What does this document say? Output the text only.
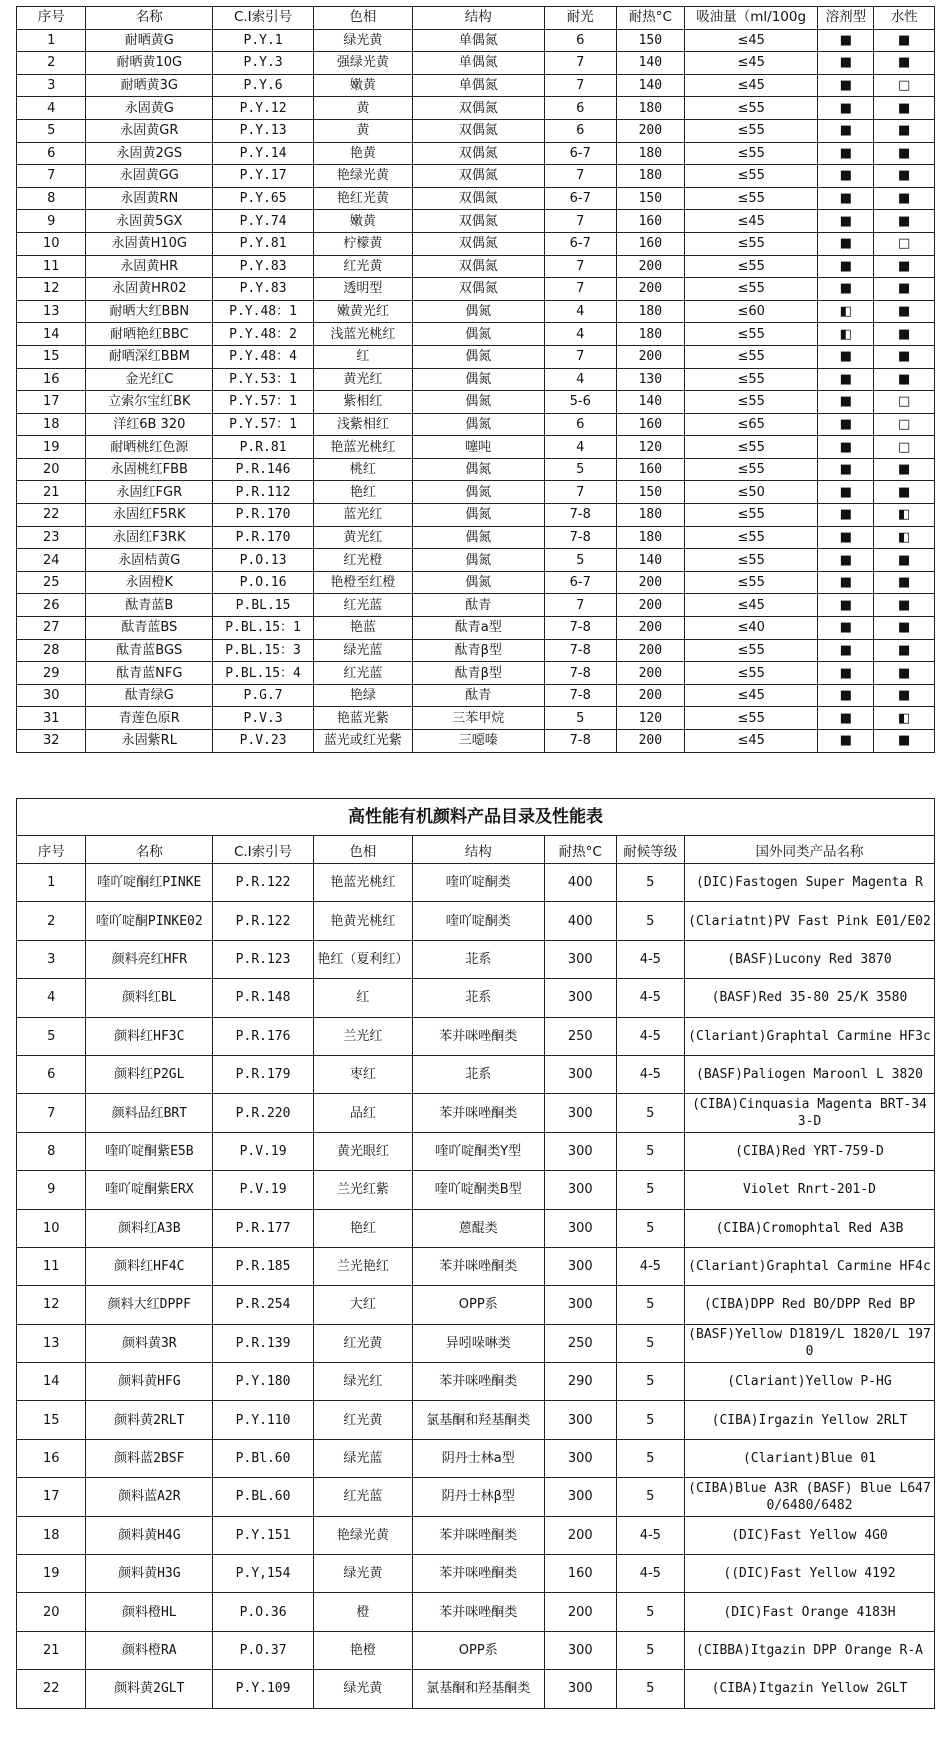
序号	名称	C.I索引号	色相	结构	耐光	耐热°C	吸油量（ml/100g	溶剂型	水性
1	耐晒黄G	P.Y.1	绿光黄	单偶氮	6	150	≤45	■	■
2	耐晒黄10G	P.Y.3	强绿光黄	单偶氮	7	140	≤45	■	■
3	耐晒黄3G	P.Y.6	嫩黄	单偶氮	7	140	≤45	■	□
4	永固黄G	P.Y.12	黄	双偶氮	6	180	≤55	■	■
5	永固黄GR	P.Y.13	黄	双偶氮	6	200	≤55	■	■
6	永固黄2GS	P.Y.14	艳黄	双偶氮	6-7	180	≤55	■	■
7	永固黄GG	P.Y.17	艳绿光黄	双偶氮	7	180	≤55	■	■
8	永固黄RN	P.Y.65	艳红光黄	双偶氮	6-7	150	≤55	■	■
9	永固黄5GX	P.Y.74	嫩黄	双偶氮	7	160	≤45	■	■
10	永固黄H10G	P.Y.81	柠檬黄	双偶氮	6-7	160	≤55	■	□
11	永固黄HR	P.Y.83	红光黄	双偶氮	7	200	≤55	■	■
12	永固黄HR02	P.Y.83	透明型	双偶氮	7	200	≤55	■	■
13	耐晒大红BBN	P.Y.48：1	嫩黄光红	偶氮	4	180	≤60	◧	■
14	耐晒艳红BBC	P.Y.48：2	浅蓝光桃红	偶氮	4	180	≤55	◧	■
15	耐晒深红BBM	P.Y.48：4	红	偶氮	7	200	≤55	■	■
16	金光红C	P.Y.53：1	黄光红	偶氮	4	130	≤55	■	■
17	立索尔宝红BK	P.Y.57：1	紫相红	偶氮	5-6	140	≤55	■	□
18	洋红6B 320	P.Y.57：1	浅紫相红	偶氮	6	160	≤65	■	□
19	耐晒桃红色源	P.R.81	艳蓝光桃红	噻吨	4	120	≤55	■	□
20	永固桃红FBB	P.R.146	桃红	偶氮	5	160	≤55	■	■
21	永固红FGR	P.R.112	艳红	偶氮	7	150	≤50	■	■
22	永固红F5RK	P.R.170	蓝光红	偶氮	7-8	180	≤55	■	◧
23	永固红F3RK	P.R.170	黄光红	偶氮	7-8	180	≤55	■	◧
24	永固桔黄G	P.O.13	红光橙	偶氮	5	140	≤55	■	■
25	永固橙K	P.O.16	艳橙至红橙	偶氮	6-7	200	≤55	■	■
26	酞青蓝B	P.BL.15	红光蓝	酞青	7	200	≤45	■	■
27	酞青蓝BS	P.BL.15：1	艳蓝	酞青a型	7-8	200	≤40	■	■
28	酞青蓝BGS	P.BL.15：3	绿光蓝	酞青β型	7-8	200	≤55	■	■
29	酞青蓝NFG	P.BL.15：4	红光蓝	酞青β型	7-8	200	≤55	■	■
30	酞青绿G	P.G.7	艳绿	酞青	7-8	200	≤45	■	■
31	青莲色原R	P.V.3	艳蓝光紫	三苯甲烷	5	120	≤55	■	◧
32	永固紫RL	P.V.23	蓝光或红光紫	三噁嗪	7-8	200	≤45	■	■
高性能有机颜料产品目录及性能表							
序号	名称	C.I索引号	色相	结构	耐热°C	耐候等级	国外同类产品名称
1	喹吖啶酮红PINKE	P.R.122	艳蓝光桃红	喹吖啶酮类	400	5	(DIC)Fastogen Super Magenta R
2	喹吖啶酮PINKE02	P.R.122	艳黄光桃红	喹吖啶酮类	400	5	(Clariatnt)PV Fast Pink E01/E02
3	颜料亮红HFR	P.R.123	艳红（夏利红）	苝系	300	4-5	(BASF)Lucony Red 3870
4	颜料红BL	P.R.148	红	苝系	300	4-5	(BASF)Red 35-80 25/K 3580
5	颜料红HF3C	P.R.176	兰光红	苯并咪唑酮类	250	4-5	(Clariant)Graphtal Carmine HF3c
6	颜料红P2GL	P.R.179	枣红	苝系	300	4-5	(BASF)Paliogen Maroonl L 3820
7	颜料品红BRT	P.R.220	品红	苯并咪唑酮类	300	5	(CIBA)Cinquasia Magenta BRT-34 3-D
8	喹吖啶酮紫E5B	P.V.19	黄光眼红	喹吖啶酮类Y型	300	5	(CIBA)Red YRT-759-D
9	喹吖啶酮紫ERX	P.V.19	兰光红紫	喹吖啶酮类B型	300	5	Violet Rnrt-201-D
10	颜料红A3B	P.R.177	艳红	蒽醌类	300	5	(CIBA)Cromophtal Red A3B
11	颜料红HF4C	P.R.185	兰光艳红	苯并咪唑酮类	300	4-5	(Clariant)Graphtal Carmine HF4c
12	颜料大红DPPF	P.R.254	大红	OPP系	300	5	(CIBA)DPP Red BO/DPP Red BP
13	颜料黄3R	P.R.139	红光黄	异吲哚啉类	250	5	(BASF)Yellow D1819/L 1820/L 1970
14	颜料黄HFG	P.Y.180	绿光红	苯并咪唑酮类	290	5	(Clariant)Yellow P-HG
15	颜料黄2RLT	P.Y.110	红光黄	氯基酮和羟基酮类	300	5	(CIBA)Irgazin Yellow 2RLT
16	颜料蓝2BSF	P.Bl.60	绿光蓝	阴丹士林a型	300	5	(Clariant)Blue 01
17	颜料蓝A2R	P.BL.60	红光蓝	阴丹士林β型	300	5	(CIBA)Blue A3R (BASF) Blue L6470/6480/6482
18	颜料黄H4G	P.Y.151	艳绿光黄	苯并咪唑酮类	200	4-5	(DIC)Fast Yellow 4G0
19	颜料黄H3G	P.Y,154	绿光黄	苯并咪唑酮类	160	4-5	((DIC)Fast Yellow 4192
20	颜料橙HL	P.O.36	橙	苯并咪唑酮类	200	5	(DIC)Fast Orange 4183H
21	颜料橙RA	P.O.37	艳橙	OPP系	300	5	(CIBBA)Itgazin DPP Orange R-A
22	颜料黄2GLT	P.Y.109	绿光黄	氯基酮和羟基酮类	300	5	(CIBA)Itgazin Yellow 2GLT
